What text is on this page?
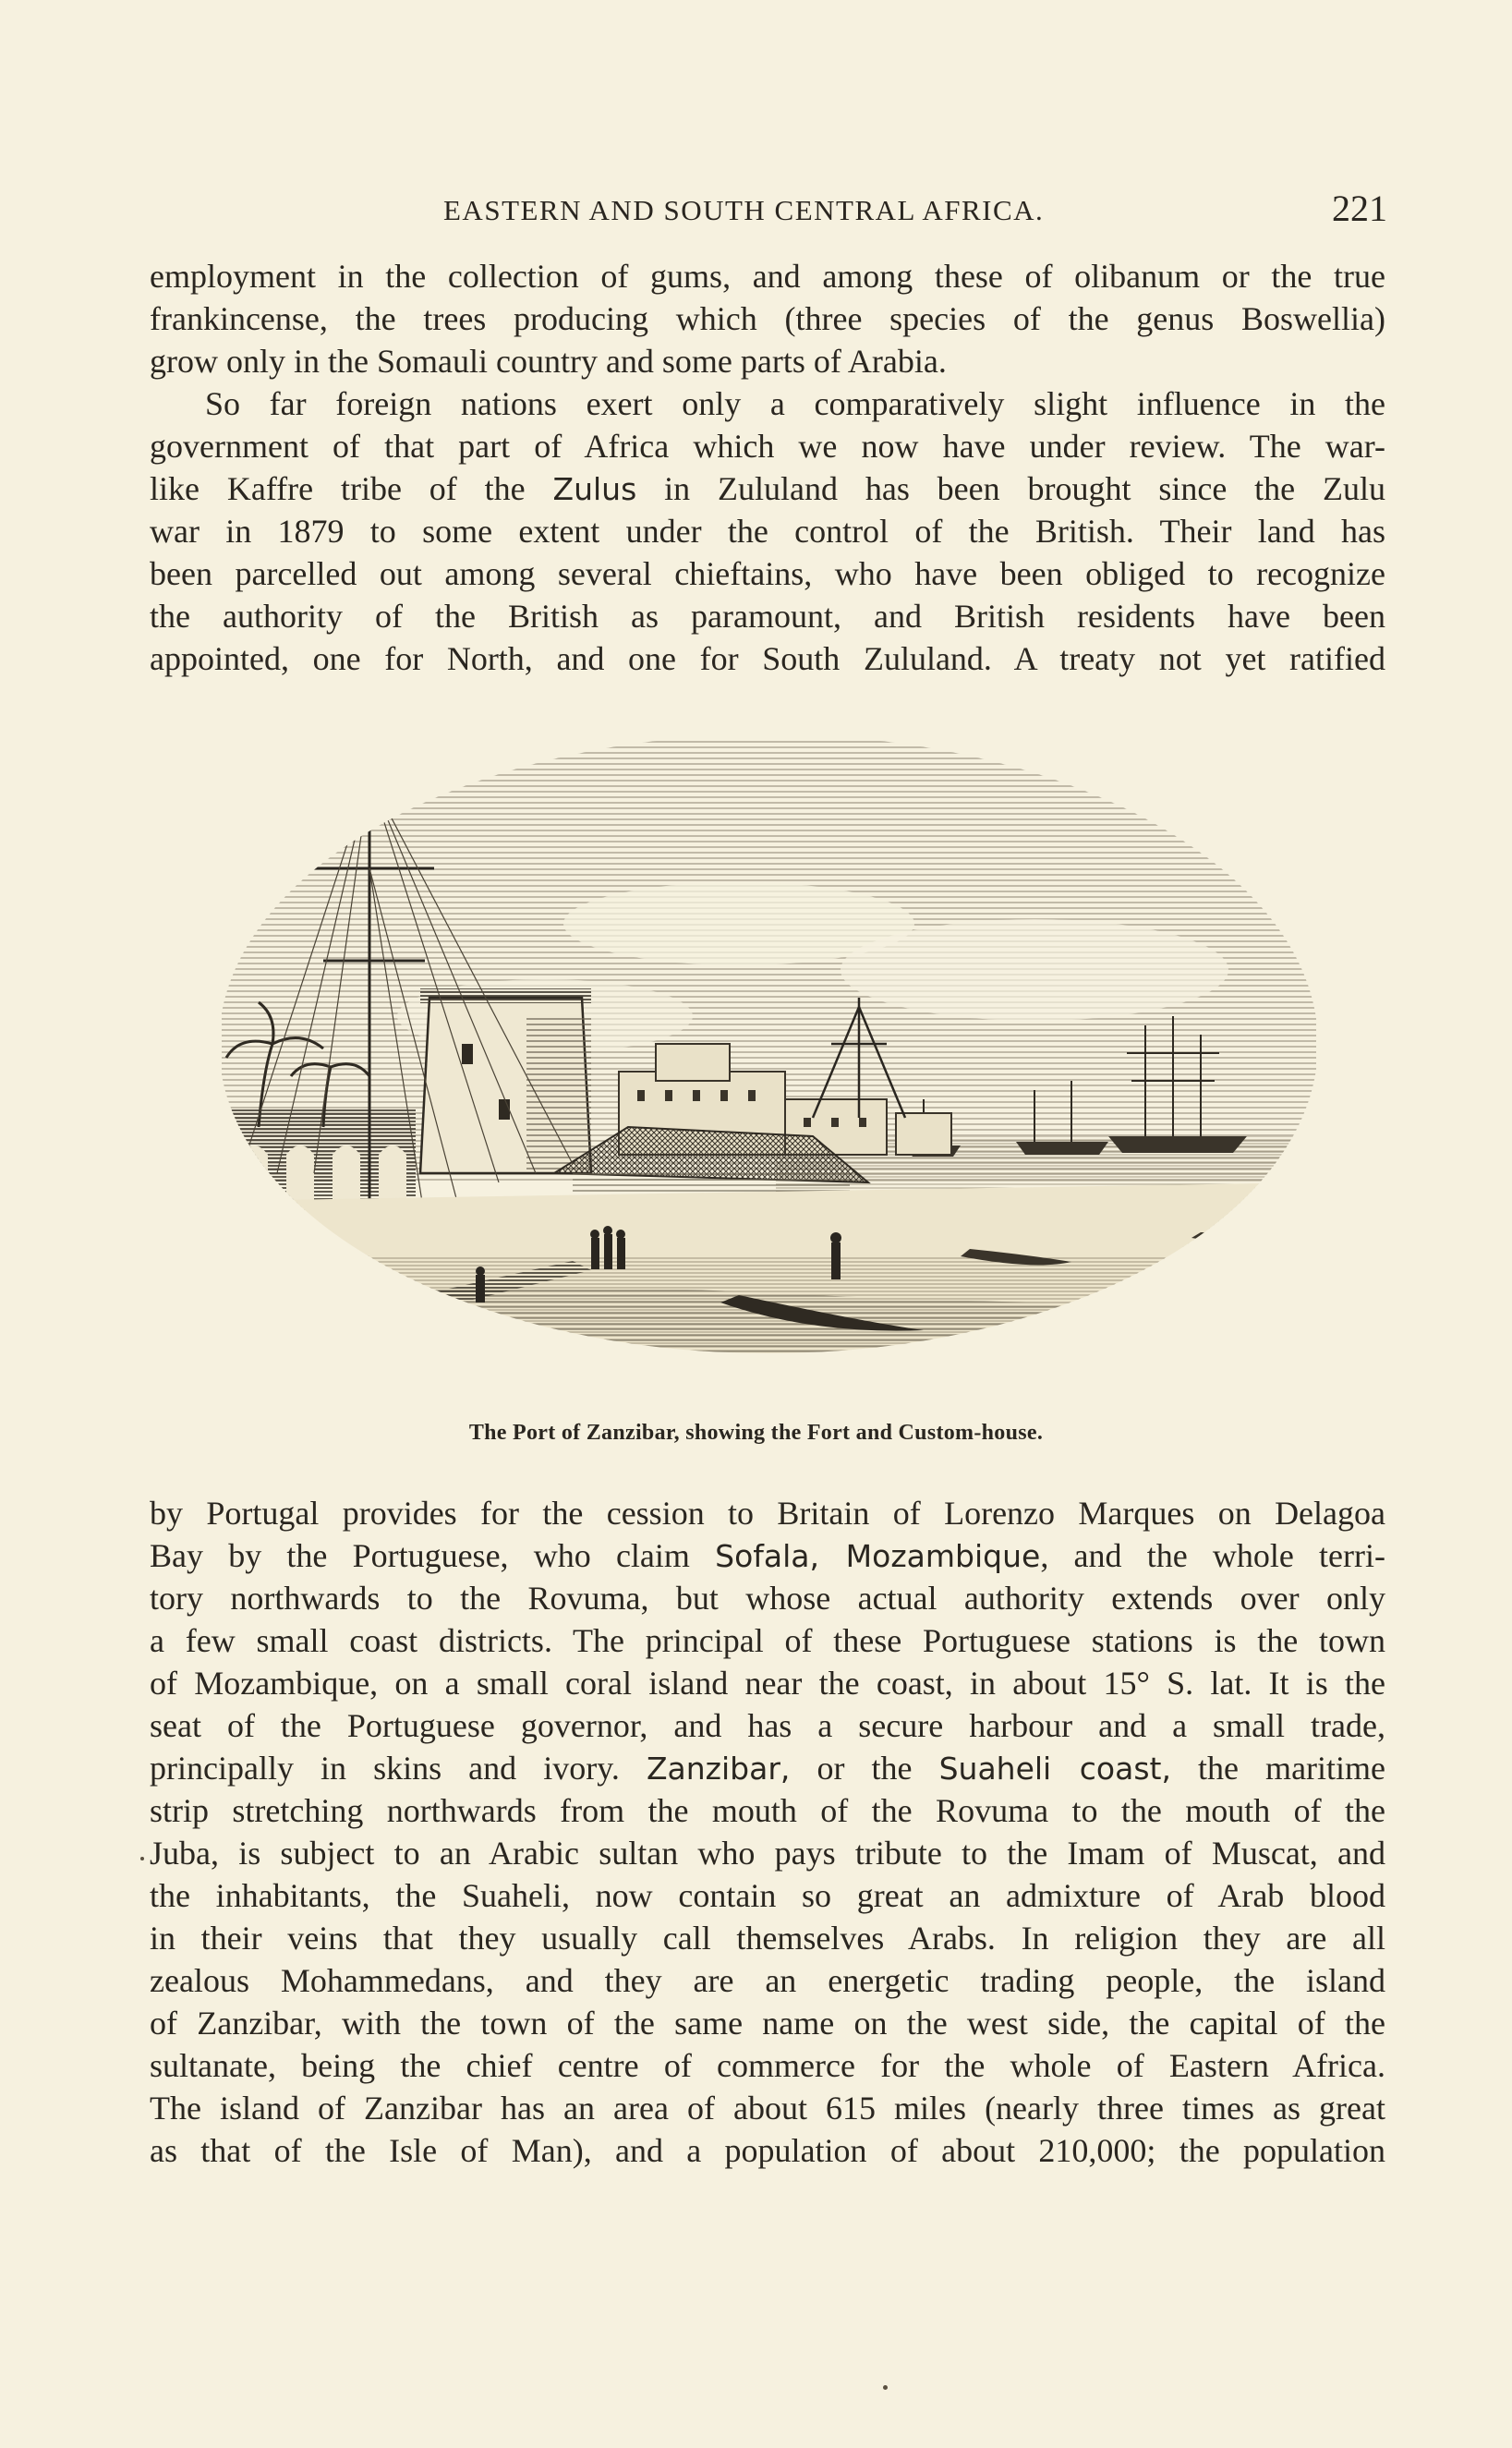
EASTERN AND SOUTH CENTRAL AFRICA.	221
employment in the collection of gums, and among these of olibanum or the true
frankincense, the trees producing which (three species of the genus Boswellia)
grow only in the Somauli country and some parts of Arabia.
So far foreign nations exert only a comparatively slight influence in the
government of that part of Africa which we now have under review. The war-
like Kaffre tribe of the Zulus in Zululand has been brought since the Zulu
war in 1879 to some extent under the control of the British. Their land has
been parcelled out among several chieftains, who have been obliged to recognize
the authority of the British as paramount, and British residents have been
appointed, one for North, and one for South Zululand. A treaty not yet ratified
The Port of Zanzibar, showing the Fort and Custom-house.
by Portugal provides for the cession to Britain of Lorenzo Marques on Delagoa
Bay by the Portuguese, who claim Sofala, Mozambique, and the whole terri-
tory northwards to the Rovuma, but whose actual authority extends over only
a few small coast districts. The principal of these Portuguese stations is the town
of Mozambique, on a small coral island near the coast, in about 15° S. lat. It is the
seat of the Portuguese governor, and has a secure harbour and a small trade,
principally in skins and ivory. Zanzibar, or the Suaheli coast, the maritime
strip stretching northwards from the mouth of the Rovuma to the mouth of the
Juba, is subject to an Arabic sultan who pays tribute to the Imam of Muscat, and
the inhabitants, the Suaheli, now contain so great an admixture of Arab blood
in their veins that they usually call themselves Arabs. In religion they are all
zealous Mohammedans, and they are an energetic trading people, the island
of Zanzibar, with the town of the same name on the west side, the capital of the
sultanate, being the chief centre of commerce for the whole of Eastern Africa.
The island of Zanzibar has an area of about 615 miles (nearly three times as great
as that of the Isle of Man), and a population of about 210,000; the population
